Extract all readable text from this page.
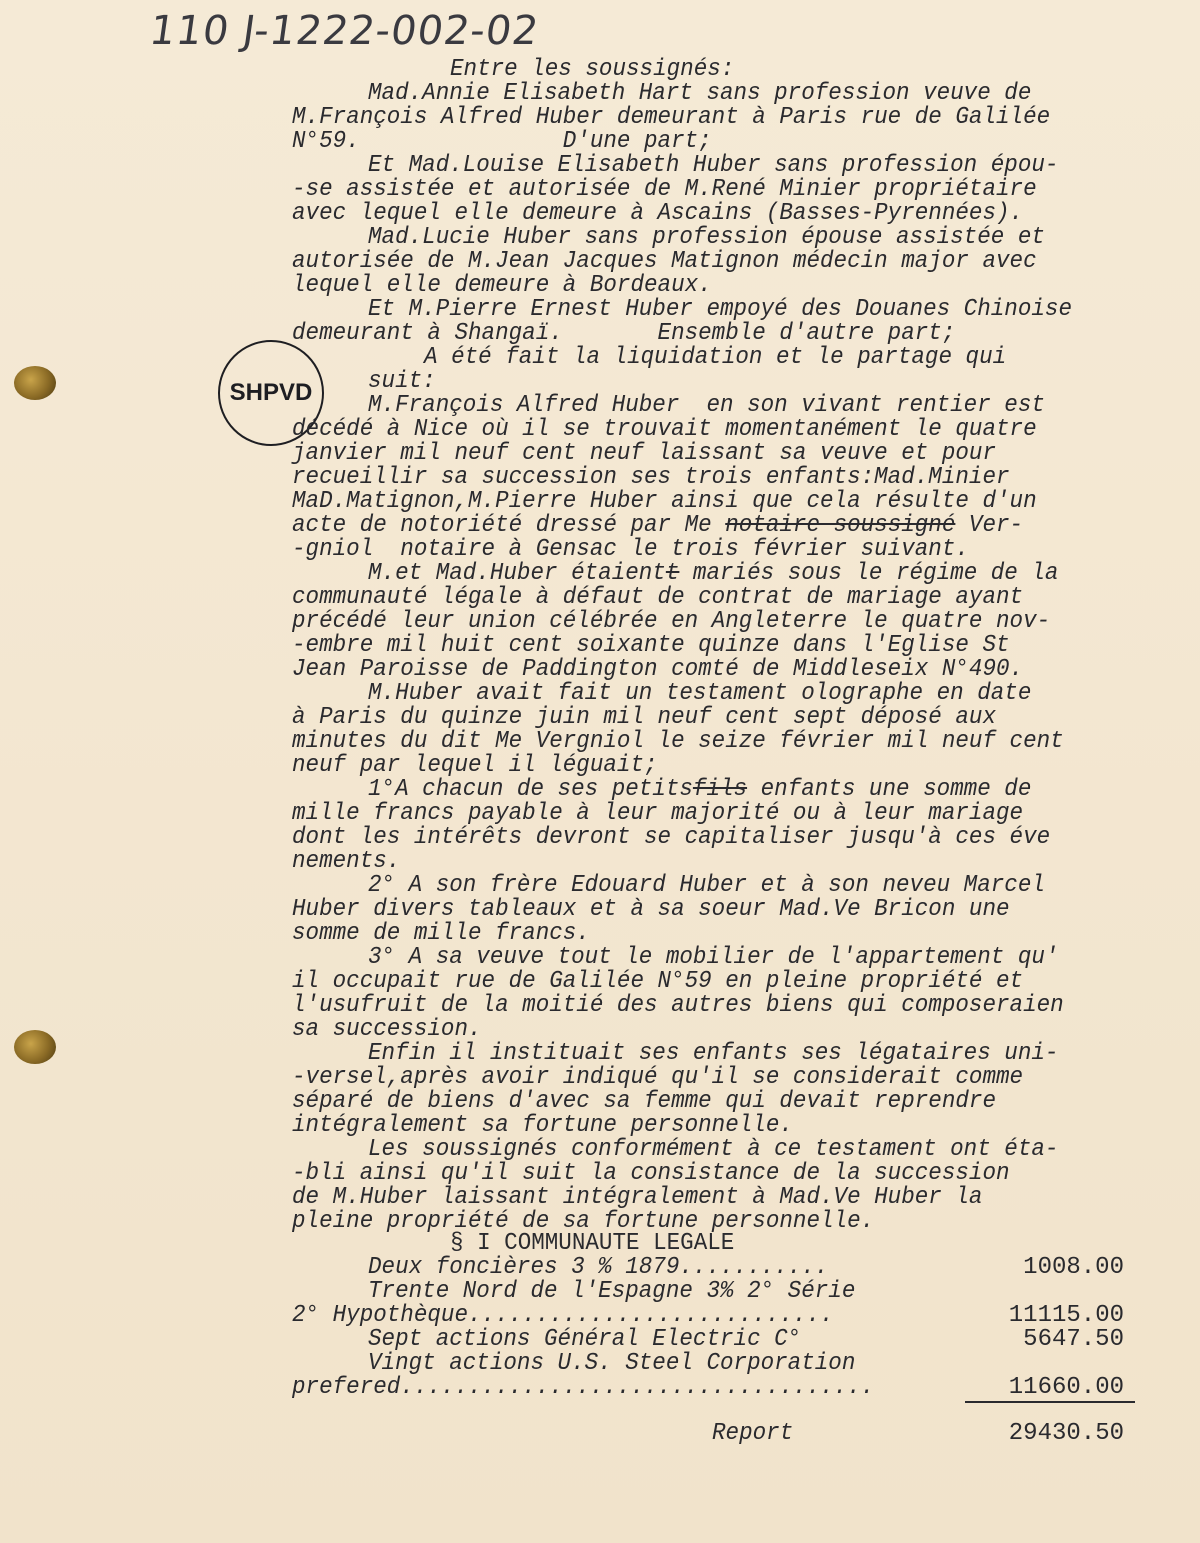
110 J-1222-002-02
SHPVD
Entre les soussignés:
Mad.Annie Elisabeth Hart sans profession veuve de
M.François Alfred Huber demeurant à Paris rue de Galilée
N°59.               D'une part;
Et Mad.Louise Elisabeth Huber sans profession épou-
-se assistée et autorisée de M.René Minier propriétaire
avec lequel elle demeure à Ascains (Basses-Pyrennées).
Mad.Lucie Huber sans profession épouse assistée et
autorisée de M.Jean Jacques Matignon médecin major avec
lequel elle demeure à Bordeaux.
Et M.Pierre Ernest Huber empoyé des Douanes Chinoise
demeurant à Shangaï.       Ensemble d'autre part;
A été fait la liquidation et le partage qui
suit:
M.François Alfred Huber  en son vivant rentier est
décédé à Nice où il se trouvait momentanément le quatre
janvier mil neuf cent neuf laissant sa veuve et pour
recueillir sa succession ses trois enfants:Mad.Minier
MaD.Matignon,M.Pierre Huber ainsi que cela résulte d'un
acte de notoriété dressé par Me notaire soussigné Ver-
-gniol  notaire à Gensac le trois février suivant.
M.et Mad.Huber étaientt mariés sous le régime de la
communauté légale à défaut de contrat de mariage ayant
précédé leur union célébrée en Angleterre le quatre nov-
-embre mil huit cent soixante quinze dans l'Eglise St
Jean Paroisse de Paddington comté de Middleseix N°490.
M.Huber avait fait un testament olographe en date
à Paris du quinze juin mil neuf cent sept déposé aux
minutes du dit Me Vergniol le seize février mil neuf cent
neuf par lequel il léguait;
1°A chacun de ses petitsfils enfants une somme de
mille francs payable à leur majorité ou à leur mariage
dont les intérêts devront se capitaliser jusqu'à ces éve
nements.
2° A son frère Edouard Huber et à son neveu Marcel
Huber divers tableaux et à sa soeur Mad.Ve Bricon une
somme de mille francs.
3° A sa veuve tout le mobilier de l'appartement qu'
il occupait rue de Galilée N°59 en pleine propriété et
l'usufruit de la moitié des autres biens qui composeraien
sa succession.
Enfin il instituait ses enfants ses légataires uni-
-versel,après avoir indiqué qu'il se considerait comme
séparé de biens d'avec sa femme qui devait reprendre
intégralement sa fortune personnelle.
Les soussignés conformément à ce testament ont éta-
-bli ainsi qu'il suit la consistance de la succession
de M.Huber laissant intégralement à Mad.Ve Huber la
pleine propriété de sa fortune personnelle.
§ I COMMUNAUTE LEGALE
Deux foncières 3 % 1879...........
Trente Nord de l'Espagne 3% 2° Série
2° Hypothèque...........................
Sept actions Général Electric C°
Vingt actions U.S. Steel Corporation
prefered...................................
Report
1008.00
11115.00
5647.50
11660.00
29430.50
